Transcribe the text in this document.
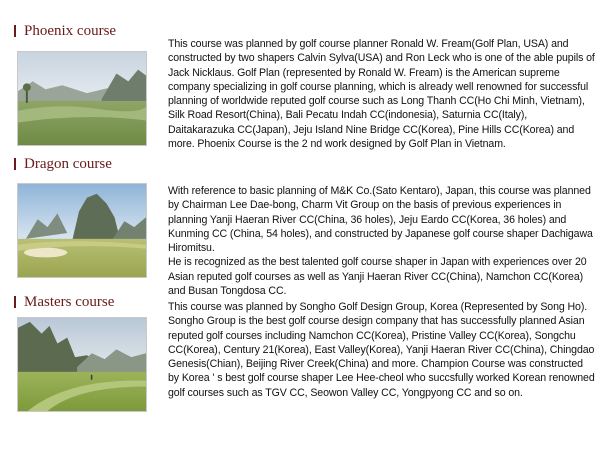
Phoenix course
This course was planned by golf course planner Ronald W. Fream(Golf Plan, USA) and constructed by two shapers Calvin Sylva(USA) and Ron Leck who is one of the able pupils of Jack Nicklaus. Golf Plan (represented by Ronald W. Fream) is the American supreme company specializing in golf course planning, which is already well renowned for successful planning of worldwide reputed golf course such as Long Thanh CC(Ho Chi Minh, Vietnam), Silk Road Resort(China), Bali Pecatu Indah CC(indonesia), Saturnia CC(Italy), Daitakarazuka CC(Japan), Jeju Island Nine Bridge CC(Korea), Pine Hills CC(Korea) and more. Phoenix Course is the 2 nd work designed by Golf Plan in Vietnam.
Dragon course
With reference to basic planning of M&K Co.(Sato Kentaro), Japan, this course was planned by Chairman Lee Dae-bong, Charm Vit Group on the basis of previous experiences in planning Yanji Haeran River CC(China, 36 holes), Jeju Eardo CC(Korea, 36 holes) and Kunming CC (China, 54 holes), and constructed by Japanese golf course shaper Dachigawa Hiromitsu.
He is recognized as the best talented golf course shaper in Japan with experiences over 20 Asian reputed golf courses as well as Yanji Haeran River CC(China), Namchon CC(Korea) and Busan Tongdosa CC.
Masters course	This course was planned by Songho Golf Design Group, Korea (Represented by Song Ho). Songho Group is the best golf course design company that has successfully planned Asian reputed golf courses including Namchon CC(Korea), Pristine Valley CC(Korea), Songchu CC(Korea), Century 21(Korea), East Valley(Korea), Yanji Haeran River CC(China), Chingdao Genesis(Chian), Beijing River Creek(China) and more. Champion Course was constructed by Korea ' s best golf course shaper Lee Hee-cheol who succsfully worked Korean renowned golf courses such as TGV CC, Seowon Valley CC, Yongpyong CC and so on.
